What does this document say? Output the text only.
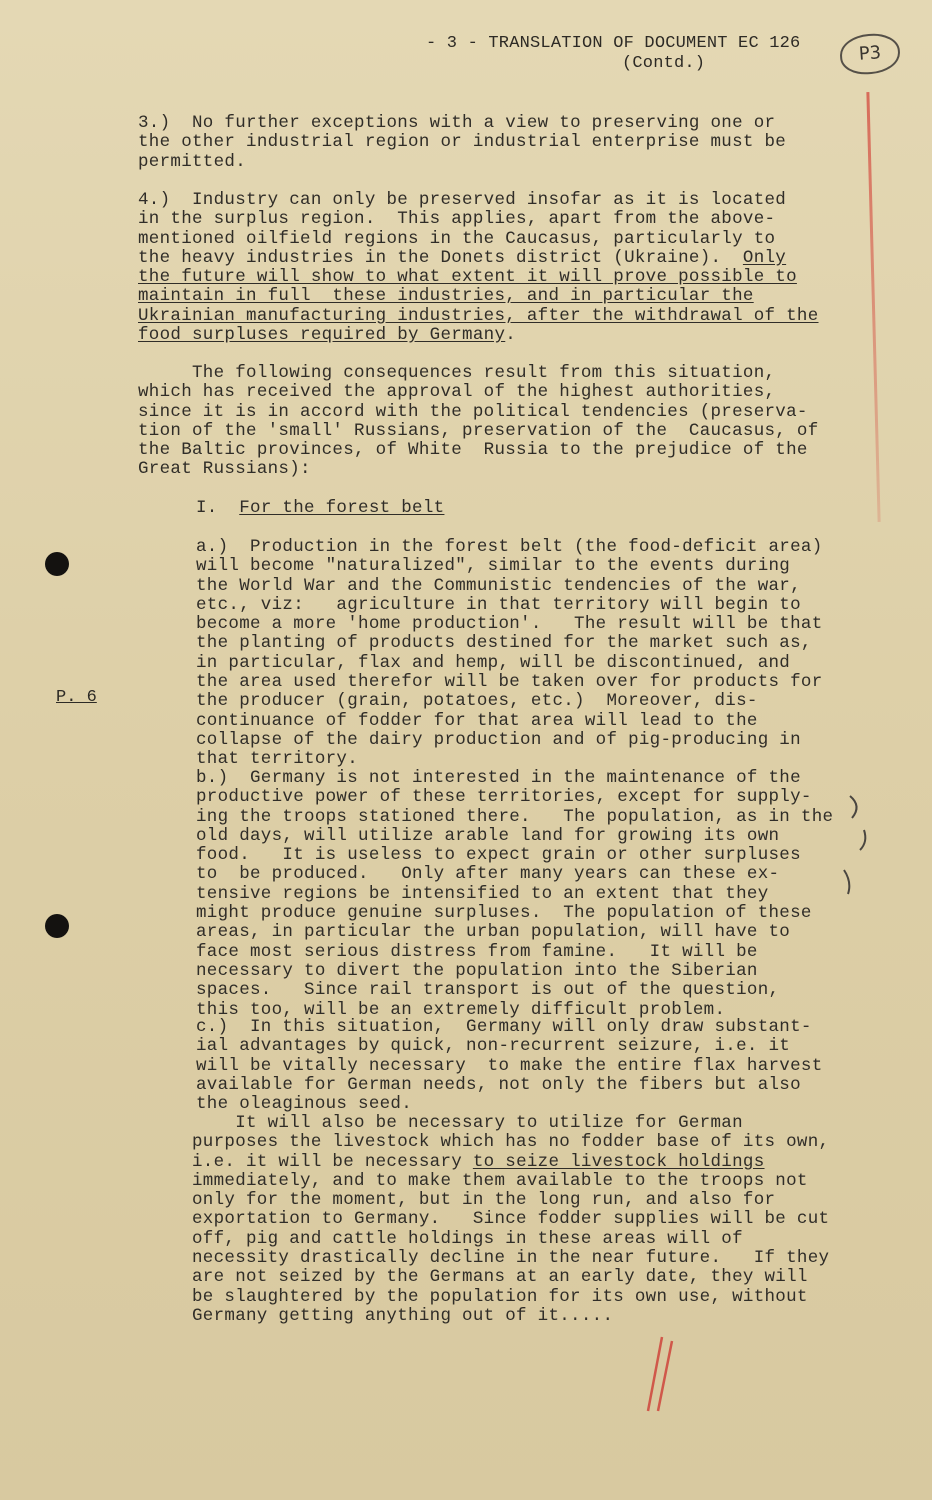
- 3 - TRANSLATION OF DOCUMENT EC 126
(Contd.)	P3
3.)  No further exceptions with a view to preserving one or
the other industrial region or industrial enterprise must be
permitted.
4.)  Industry can only be preserved insofar as it is located
in the surplus region.  This applies, apart from the above-
mentioned oilfield regions in the Caucasus, particularly to
the heavy industries in the Donets district (Ukraine).  Only
the future will show to what extent it will prove possible to
maintain in full  these industries, and in particular the
Ukrainian manufacturing industries, after the withdrawal of the
food surpluses required by Germany.
The following consequences result from this situation,
which has received the approval of the highest authorities,
since it is in accord with the political tendencies (preserva-
tion of the 'small' Russians, preservation of the  Caucasus, of
the Baltic provinces, of White  Russia to the prejudice of the
Great Russians):
I.  For the forest belt
a.)  Production in the forest belt (the food-deficit area)
will become "naturalized", similar to the events during
the World War and the Communistic tendencies of the war,
etc., viz:   agriculture in that territory will begin to
become a more 'home production'.   The result will be that
the planting of products destined for the market such as,
in particular, flax and hemp, will be discontinued, and
the area used therefor will be taken over for products for
the producer (grain, potatoes, etc.)  Moreover, dis-
continuance of fodder for that area will lead to the
collapse of the dairy production and of pig-producing in
that territory.
b.)  Germany is not interested in the maintenance of the
productive power of these territories, except for supply-
ing the troops stationed there.   The population, as in the
old days, will utilize arable land for growing its own
food.   It is useless to expect grain or other surpluses
to  be produced.   Only after many years can these ex-
tensive regions be intensified to an extent that they
might produce genuine surpluses.  The population of these
areas, in particular the urban population, will have to
face most serious distress from famine.   It will be
necessary to divert the population into the Siberian
spaces.   Since rail transport is out of the question,
this too, will be an extremely difficult problem.
c.)  In this situation,  Germany will only draw substant-
ial advantages by quick, non-recurrent seizure, i.e. it
will be vitally necessary  to make the entire flax harvest
available for German needs, not only the fibers but also
the oleaginous seed.
It will also be necessary to utilize for German
purposes the livestock which has no fodder base of its own,
i.e. it will be necessary to seize livestock holdings
immediately, and to make them available to the troops not
only for the moment, but in the long run, and also for
exportation to Germany.   Since fodder supplies will be cut
off, pig and cattle holdings in these areas will of
necessity drastically decline in the near future.   If they
are not seized by the Germans at an early date, they will
be slaughtered by the population for its own use, without
Germany getting anything out of it.....
P. 6
